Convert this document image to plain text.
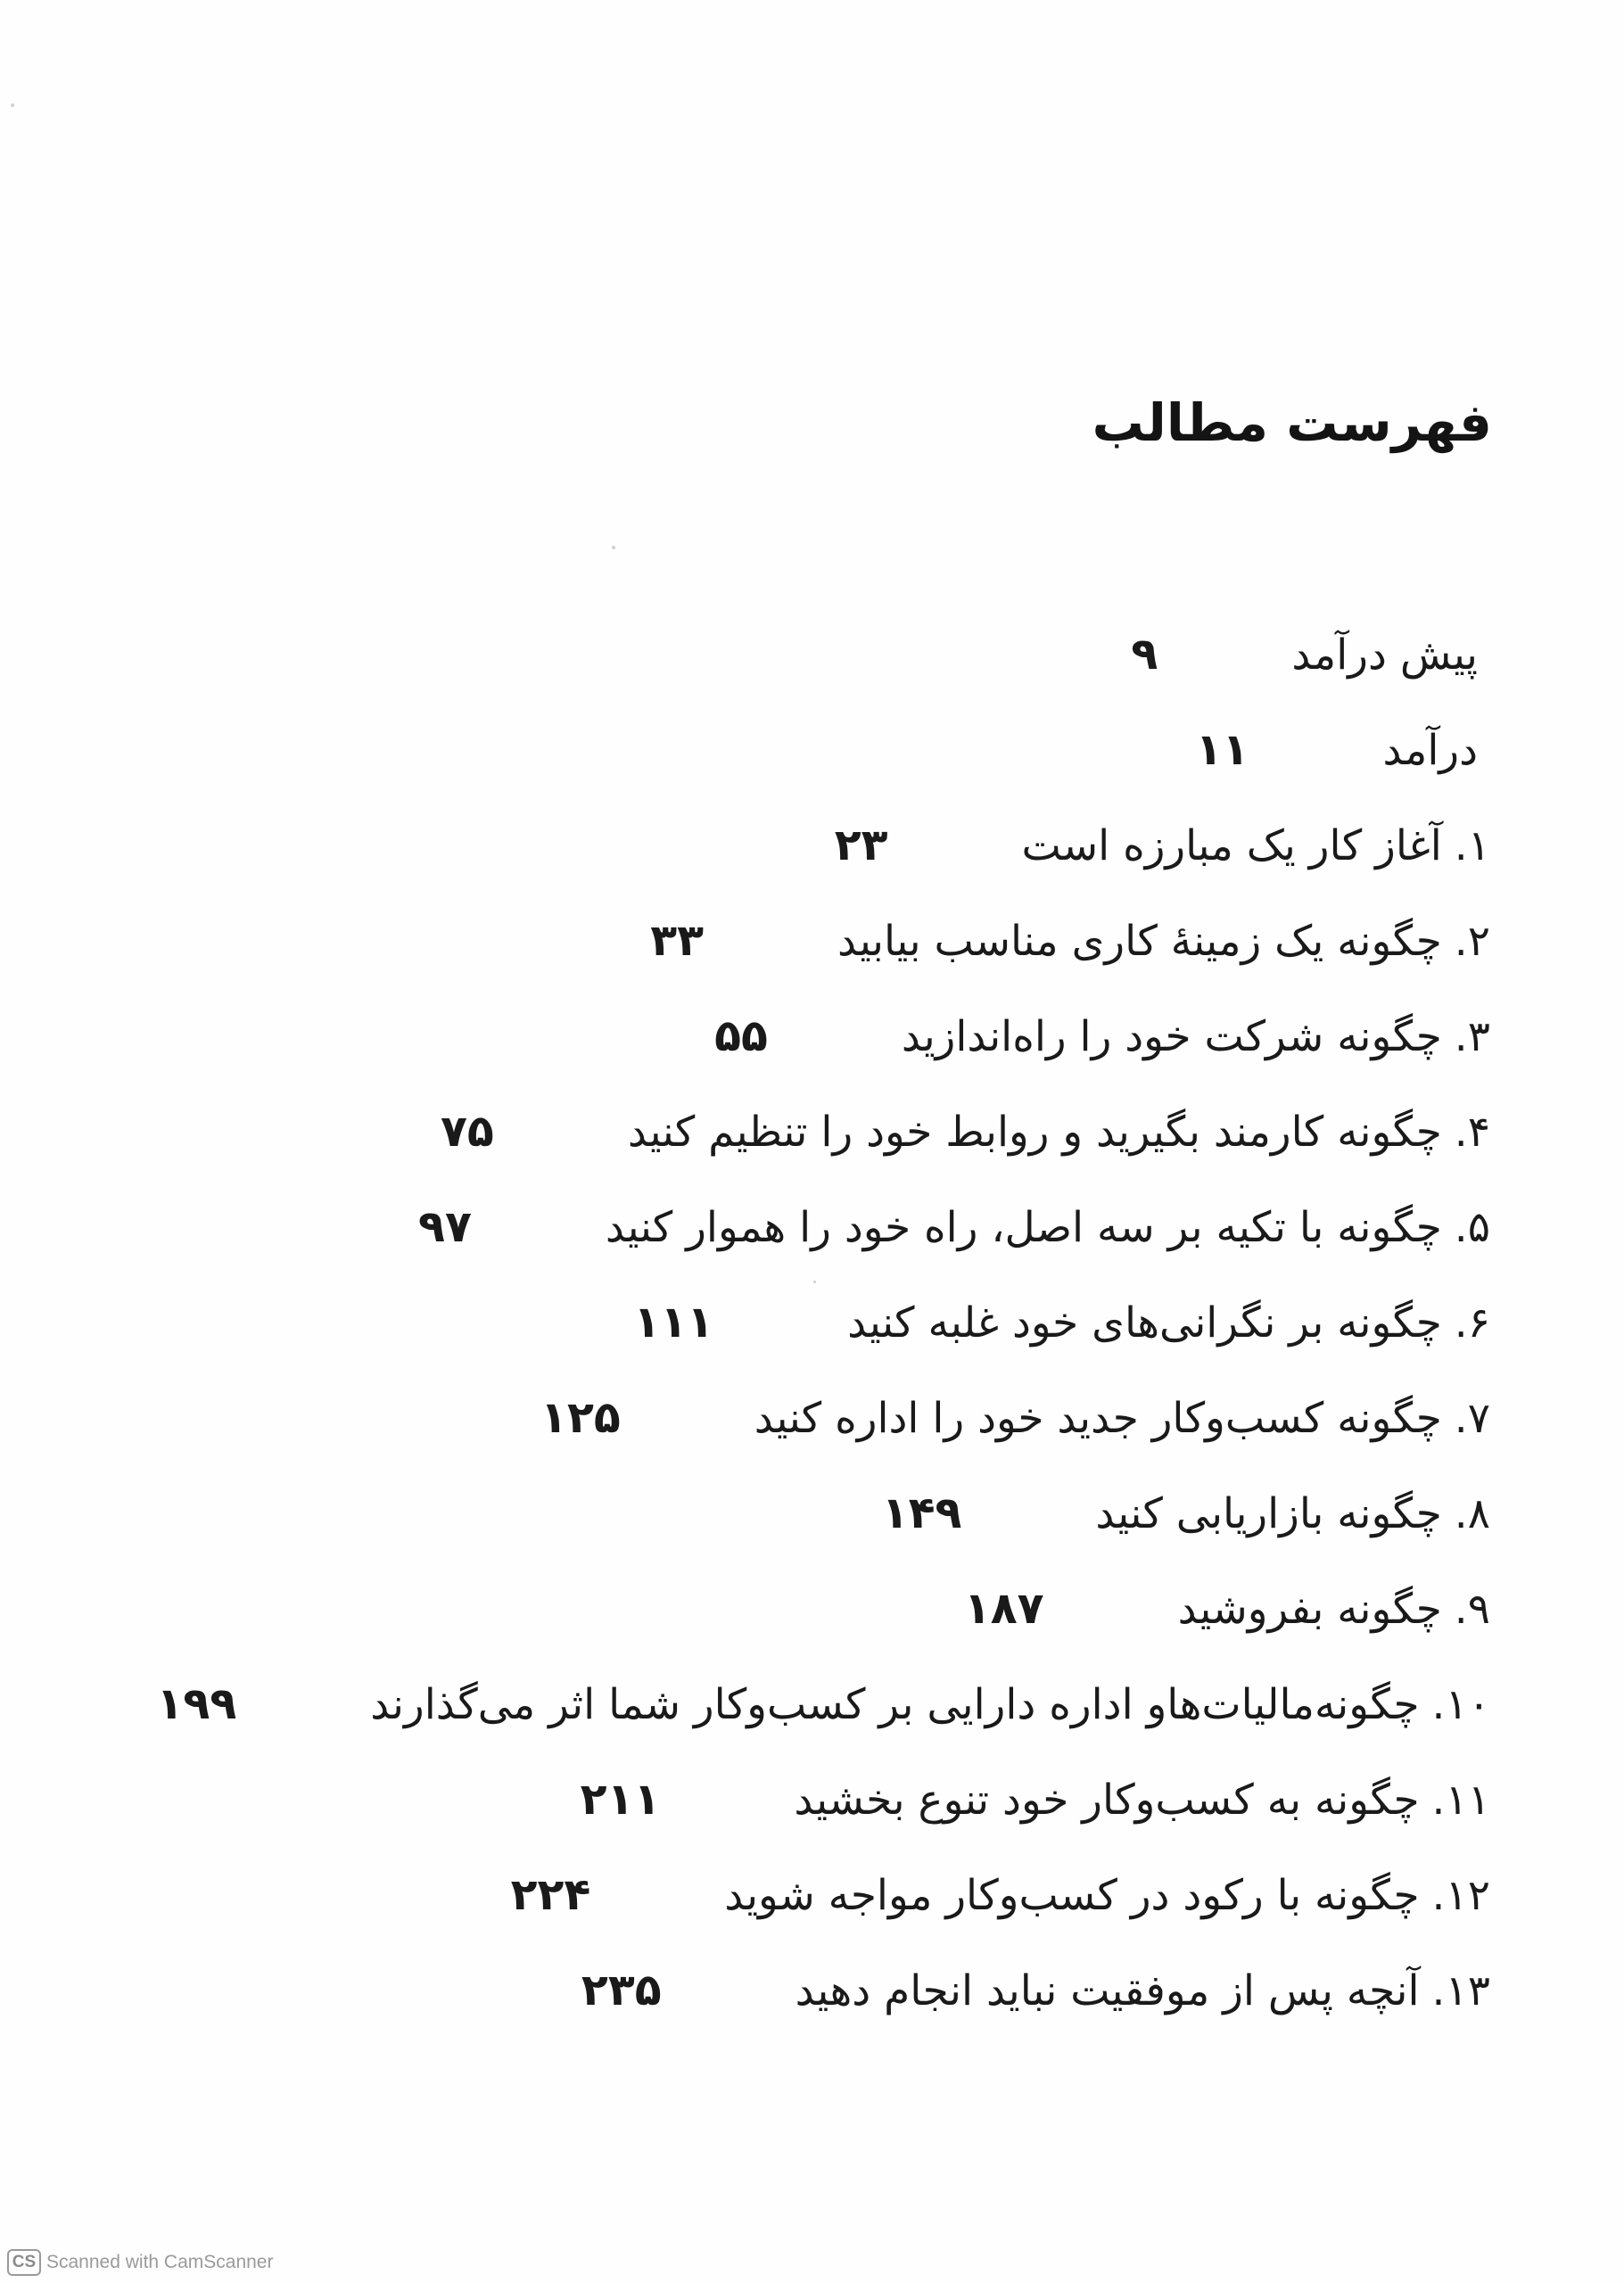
فهرست مطالب
پیش درآمد۹
درآمد۱۱
۱.آغاز کار یک مبارزه است۲۳
۲.چگونه یک زمینهٔ کاری مناسب بیابید۳۳
۳.چگونه شرکت خود را راه‌اندازید۵۵
۴.چگونه کارمند بگیرید و روابط خود را تنظیم کنید۷۵
۵.چگونه با تکیه بر سه اصل، راه خود را هموار کنید۹۷
۶.چگونه بر نگرانی‌های خود غلبه کنید۱۱۱
۷.چگونه کسب‌وکار جدید خود را اداره کنید۱۲۵
۸.چگونه بازاریابی کنید۱۴۹
۹.چگونه بفروشید۱۸۷
۱۰.چگونه‌مالیات‌هاو اداره دارایی بر کسب‌وکار شما اثر می‌گذارند۱۹۹
۱۱.چگونه به کسب‌وکار خود تنوع بخشید۲۱۱
۱۲.چگونه با رکود در کسب‌وکار مواجه شوید۲۲۴
۱۳.آنچه پس از موفقیت نباید انجام دهید۲۳۵
CS Scanned with CamScanner
